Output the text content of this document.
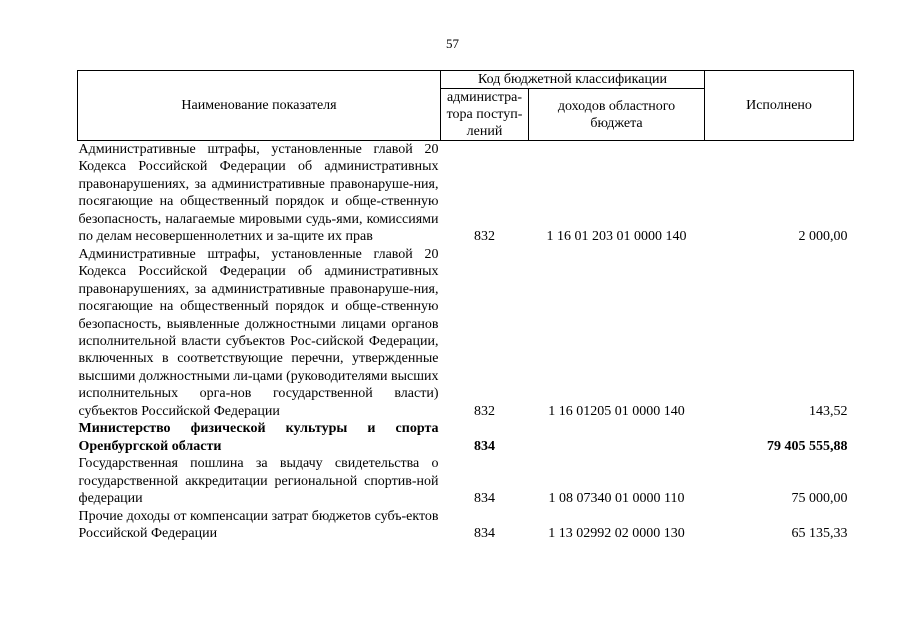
57
Наименование показателя	Код бюджетной классификации		Исполнено
	администра-тора поступ-лений	доходов областного бюджета	
Административные штрафы, установленные главой 20 Кодекса Российской Федерации об административных правонарушениях, за административные правонаруше-ния, посягающие на общественный порядок и обще-ственную безопасность, налагаемые мировыми судь-ями, комиссиями по делам несовершеннолетних и за-щите их прав	832	1 16 01 203 01 0000 140	2 000,00
Административные штрафы, установленные главой 20 Кодекса Российской Федерации об административных правонарушениях, за административные правонаруше-ния, посягающие на общественный порядок и обще-ственную безопасность, выявленные должностными лицами органов исполнительной власти субъектов Рос-сийской Федерации, включенных в соответствующие перечни, утвержденные высшими должностными ли-цами (руководителями высших исполнительных орга-нов государственной власти) субъектов Российской Федерации	832	1 16 01205 01 0000 140	143,52
Министерство физической культуры и спорта Оренбургской области	834		79 405 555,88
Государственная пошлина за выдачу свидетельства о государственной аккредитации региональной спортив-ной федерации	834	1 08 07340 01 0000 110	75 000,00
Прочие доходы от компенсации затрат бюджетов субъ-ектов Российской Федерации	834	1 13 02992 02 0000 130	65 135,33
